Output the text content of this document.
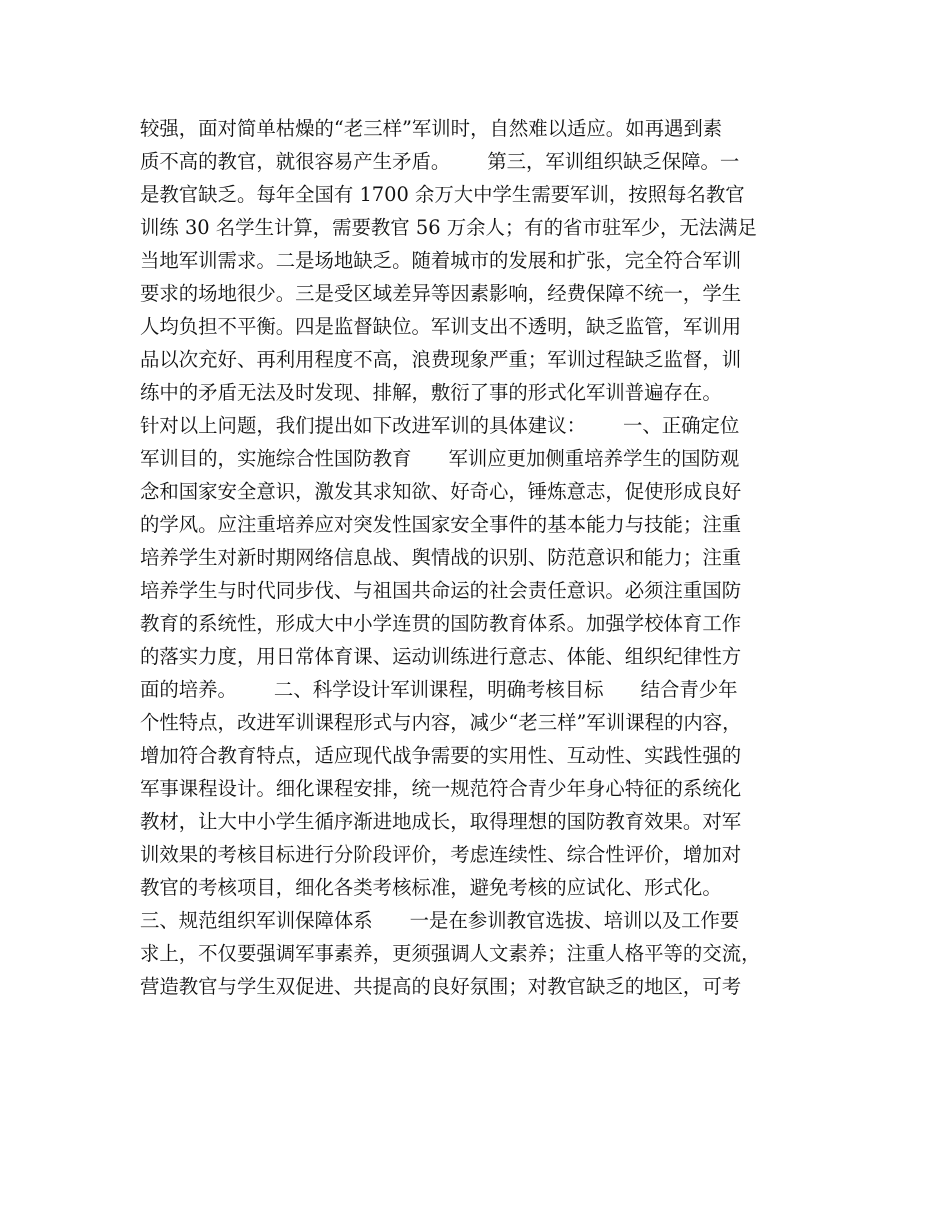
较强，面对简单枯燥的“老三样”军训时，自然难以适应。如再遇到素
质不高的教官，就很容易产生矛盾。      第三，军训组织缺乏保障。一
是教官缺乏。每年全国有 1700 余万大中学生需要军训，按照每名教官
训练 30 名学生计算，需要教官 56 万余人；有的省市驻军少，无法满足
当地军训需求。二是场地缺乏。随着城市的发展和扩张，完全符合军训
要求的场地很少。三是受区域差异等因素影响，经费保障不统一，学生
人均负担不平衡。四是监督缺位。军训支出不透明，缺乏监管，军训用
品以次充好、再利用程度不高，浪费现象严重；军训过程缺乏监督，训
练中的矛盾无法及时发现、排解，敷衍了事的形式化军训普遍存在。
针对以上问题，我们提出如下改进军训的具体建议：      一、正确定位
军训目的，实施综合性国防教育      军训应更加侧重培养学生的国防观
念和国家安全意识，激发其求知欲、好奇心，锤炼意志，促使形成良好
的学风。应注重培养应对突发性国家安全事件的基本能力与技能；注重
培养学生对新时期网络信息战、舆情战的识别、防范意识和能力；注重
培养学生与时代同步伐、与祖国共命运的社会责任意识。必须注重国防
教育的系统性，形成大中小学连贯的国防教育体系。加强学校体育工作
的落实力度，用日常体育课、运动训练进行意志、体能、组织纪律性方
面的培养。      二、科学设计军训课程，明确考核目标      结合青少年
个性特点，改进军训课程形式与内容，减少“老三样”军训课程的内容，
增加符合教育特点，适应现代战争需要的实用性、互动性、实践性强的
军事课程设计。细化课程安排，统一规范符合青少年身心特征的系统化
教材，让大中小学生循序渐进地成长，取得理想的国防教育效果。对军
训效果的考核目标进行分阶段评价，考虑连续性、综合性评价，增加对
教官的考核项目，细化各类考核标准，避免考核的应试化、形式化。
三、规范组织军训保障体系      一是在参训教官选拔、培训以及工作要
求上，不仅要强调军事素养，更须强调人文素养；注重人格平等的交流，
营造教官与学生双促进、共提高的良好氛围；对教官缺乏的地区，可考
